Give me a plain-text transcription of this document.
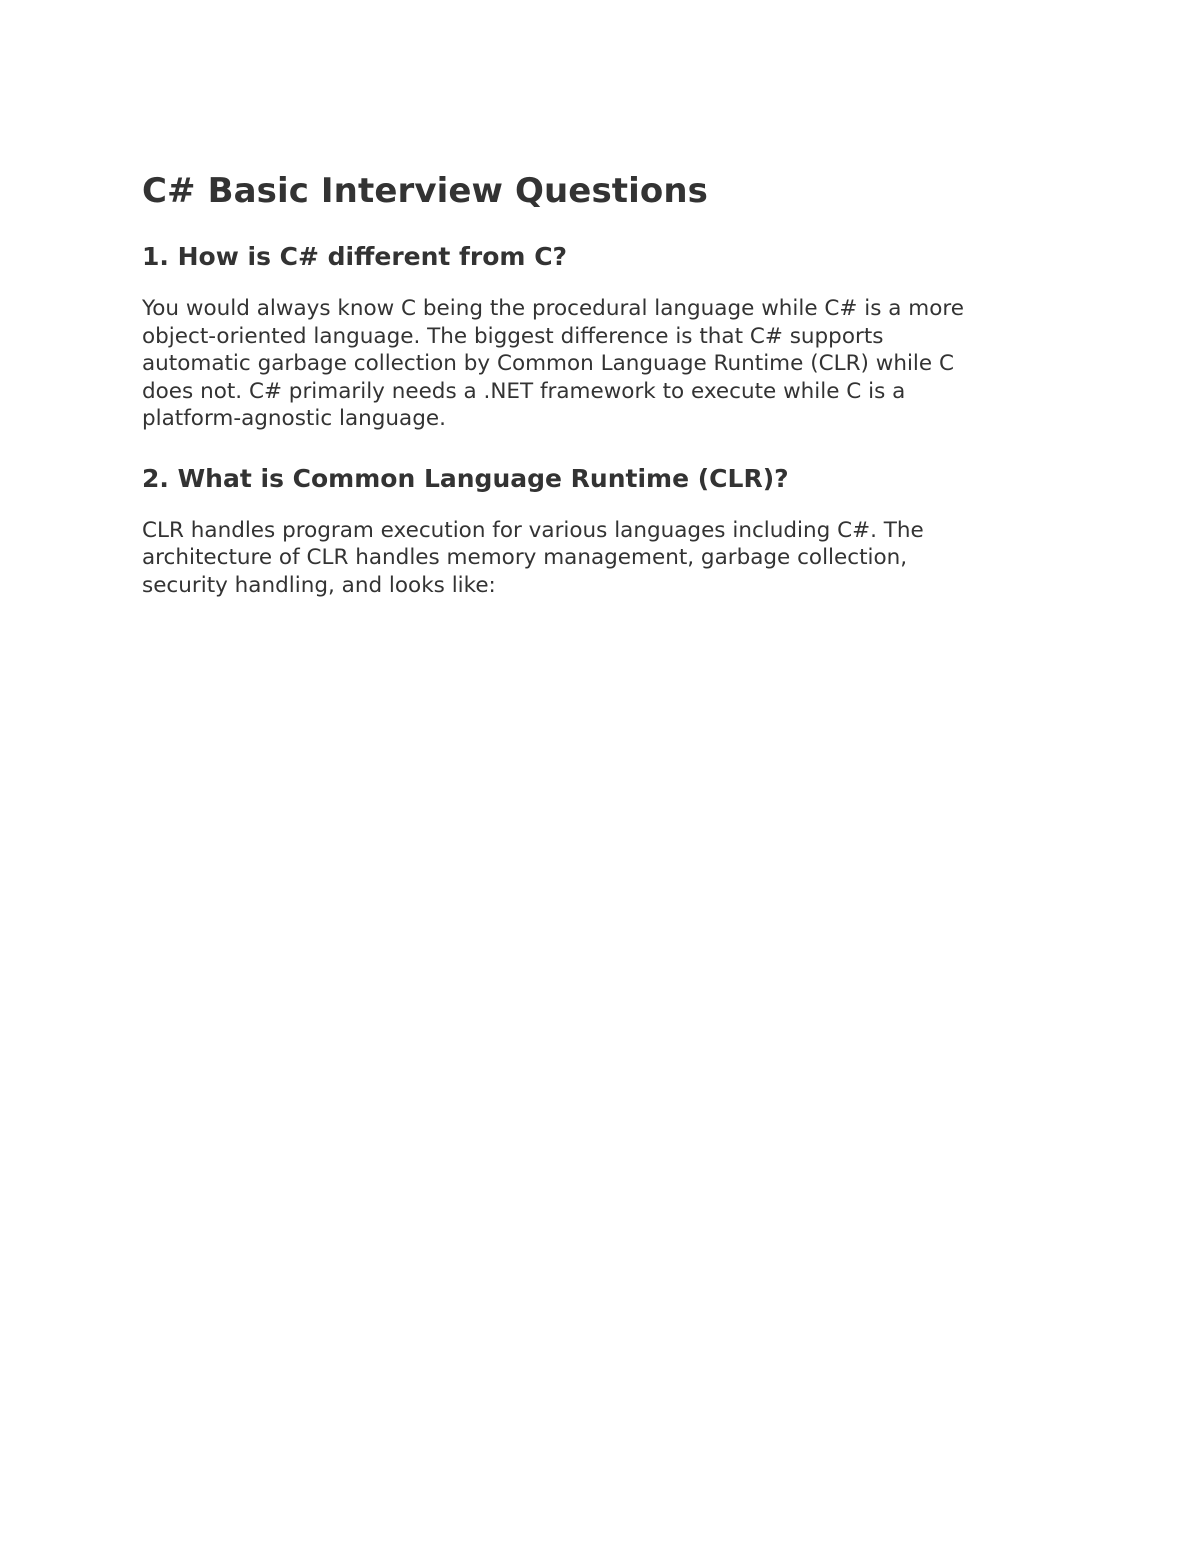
C# Basic Interview Questions
1. How is C# different from C?

You would always know C being the procedural language while C# is a more
object-oriented language. The biggest difference is that C# supports
automatic garbage collection by Common Language Runtime (CLR) while C
does not. C# primarily needs a .NET framework to execute while C is a
platform-agnostic language.

2. What is Common Language Runtime (CLR)?

CLR handles program execution for various languages including C#. The
architecture of CLR handles memory management, garbage collection,
security handling, and looks like:
